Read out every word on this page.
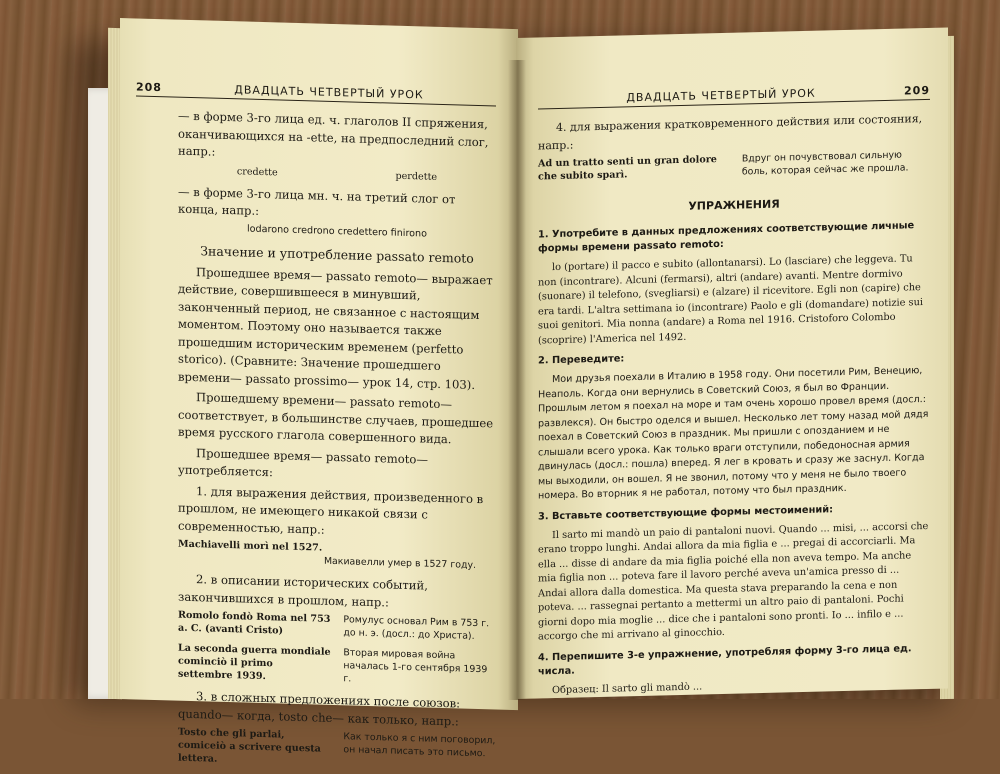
208	ДВАДЦАТЬ ЧЕТВЕРТЫЙ УРОК

— в форме 3-го лица ед. ч. глаголов II спряжения, оканчивающихся на -ette, на предпоследний слог, напр.:

credette	perdette

— в форме 3-го лица мн. ч. на третий слог от конца, напр.:

lodarono credrono credettero finirono
Значение и употребление passato remoto

Прошедшее время— passato remoto— выражает действие, совершившееся в минувший, законченный период, не связанное с настоящим моментом. Поэтому оно называется также прошедшим историческим временем (perfetto storico). (Сравните: Значение прошедшего времени— passato prossimo— урок 14, стр. 103).

Прошедшему времени— passato remoto— соответствует, в большинстве случаев, прошедшее время русского глагола совершенного вида.

Прошедшее время— passato remoto— употребляется:

1. для выражения действия, произведенного в прошлом, не имеющего никакой связи с современностью, напр.:

Machiavelli morì nel 1527.
Макиавелли умер в 1527 году.

2. в описании исторических событий, закончившихся в прошлом, напр.:

Romolo fondò Roma nel 753 a. C. (avanti Cristo)
Ромулус основал Рим в 753 г. до н. э. (досл.: до Христа).
La seconda guerra mondiale cominciò il primo settembre 1939.
Вторая мировая война началась 1-го сентября 1939 г.

3. в сложных предложениях после союзов: quando— когда, tosto che— как только, напр.:

Tosto che gli parlai, comiceiò a scrivere questa lettera.
Как только я с ним поговорил, он начал писать это письмо.
ДВАДЦАТЬ ЧЕТВЕРТЫЙ УРОК	209

4. для выражения кратковременного действия или состояния, напр.:

Ad un tratto senti un gran dolore che subito sparì.
Вдруг он почувствовал сильную боль, которая сейчас же прошла.
УПРАЖНЕНИЯ

1. Употребите в данных предложениях соответствующие личные формы времени passato remoto:

lo (portare) il pacco e subito (allontanarsi). Lo (lasciare) che leggeva. Tu non (incontrare). Alcuni (fermarsi), altri (andare) avanti. Mentre dormivo (suonare) il telefono, (svegliarsi) e (alzare) il ricevitore. Egli non (capire) che era tardi. L'altra settimana io (incontrare) Paolo e gli (domandare) notizie sui suoi genitori. Mia nonna (andare) a Roma nel 1916. Cristoforo Colombo (scoprire) l'America nel 1492.

2. Переведите:

Мои друзья поехали в Италию в 1958 году. Они посетили Рим, Венецию, Неаполь. Когда они вернулись в Советский Союз, я был во Франции. Прошлым летом я поехал на море и там очень хорошо провел время (досл.: развлекся). Он быстро оделся и вышел. Несколько лет тому назад мой дядя поехал в Советский Союз в праздник. Мы пришли с опозданием и не слышали всего урока. Как только враги отступили, победоносная армия двинулась (досл.: пошла) вперед. Я лег в кровать и сразу же заснул. Когда мы выходили, он вошел. Я не звонил, потому что у меня не было твоего номера. Во вторник я не работал, потому что был праздник.

3. Вставьте соответствующие формы местоимений:

Il sarto mi mandò un paio di pantaloni nuovi. Quando ... misi, ... accorsi che erano troppo lunghi. Andai allora da mia figlia e ... pregai di accorciarli. Ma ella ... disse di andare da mia figlia poiché ella non aveva tempo. Ma anche mia figlia non ... poteva fare il lavoro perché aveva un'amica presso di ... Andai allora dalla domestica. Ma questa stava preparando la cena e non poteva. ... rassegnai pertanto a mettermi un altro paio di pantaloni. Pochi giorni dopo mia moglie ... dice che i pantaloni sono pronti. Io ... infilo e ... accorgo che mi arrivano al ginocchio.

4. Перепишите 3-е упражнение, употребляя форму 3-го лица ед. числа.

Образец: Il sarto gli mandò ...
